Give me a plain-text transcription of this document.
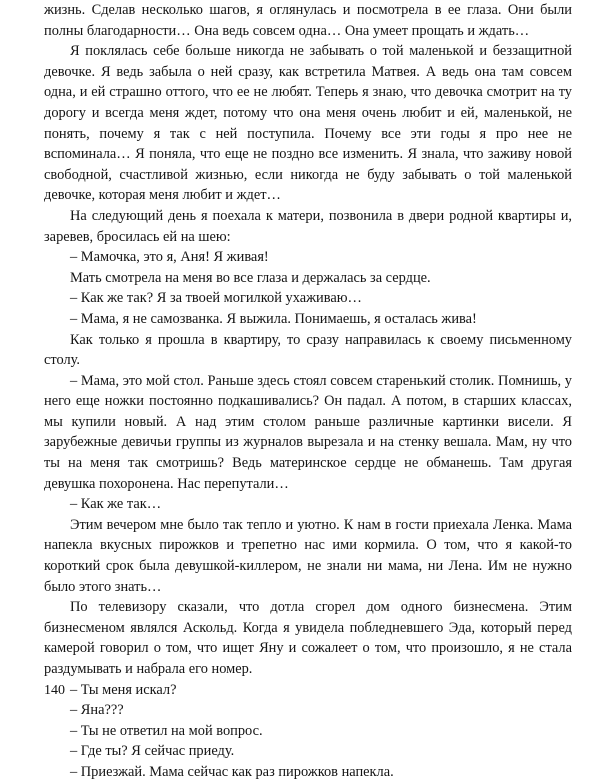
жизнь. Сделав несколько шагов, я оглянулась и посмотрела в ее глаза. Они были полны благодарности… Она ведь совсем одна… Она умеет прощать и ждать…

Я поклялась себе больше никогда не забывать о той маленькой и беззащитной девочке. Я ведь забыла о ней сразу, как встретила Матвея. А ведь она там совсем одна, и ей страшно оттого, что ее не любят. Теперь я знаю, что девочка смотрит на ту дорогу и всегда меня ждет, потому что она меня очень любит и ей, маленькой, не понять, почему я так с ней поступила. Почему все эти годы я про нее не вспоминала… Я поняла, что еще не поздно все изменить. Я знала, что заживу новой свободной, счастливой жизнью, если никогда не буду забывать о той маленькой девочке, которая меня любит и ждет…

На следующий день я поехала к матери, позвонила в двери родной квартиры и, заревев, бросилась ей на шею:

– Мамочка, это я, Аня! Я живая!

Мать смотрела на меня во все глаза и держалась за сердце.

– Как же так? Я за твоей могилкой ухаживаю…

– Мама, я не самозванка. Я выжила. Понимаешь, я осталась жива!

Как только я прошла в квартиру, то сразу направилась к своему письменному столу.

– Мама, это мой стол. Раньше здесь стоял совсем старенький столик. Помнишь, у него еще ножки постоянно подкашивались? Он падал. А потом, в старших классах, мы купили новый. А над этим столом раньше различные картинки висели. Я зарубежные девичьи группы из журналов вырезала и на стенку вешала. Мам, ну что ты на меня так смотришь? Ведь материнское сердце не обманешь. Там другая девушка похоронена. Нас перепутали…

– Как же так…

Этим вечером мне было так тепло и уютно. К нам в гости приехала Ленка. Мама напекла вкусных пирожков и трепетно нас ими кормила. О том, что я какой-то короткий срок была девушкой-киллером, не знали ни мама, ни Лена. Им не нужно было этого знать…

По телевизору сказали, что дотла сгорел дом одного бизнесмена. Этим бизнесменом являлся Аскольд. Когда я увидела побледневшего Эда, который перед камерой говорил о том, что ищет Яну и сожалеет о том, что произошло, я не стала раздумывать и набрала его номер.

– Ты меня искал?

– Яна???

– Ты не ответил на мой вопрос.

– Где ты? Я сейчас приеду.

– Приезжай. Мама сейчас как раз пирожков напекла.

140
